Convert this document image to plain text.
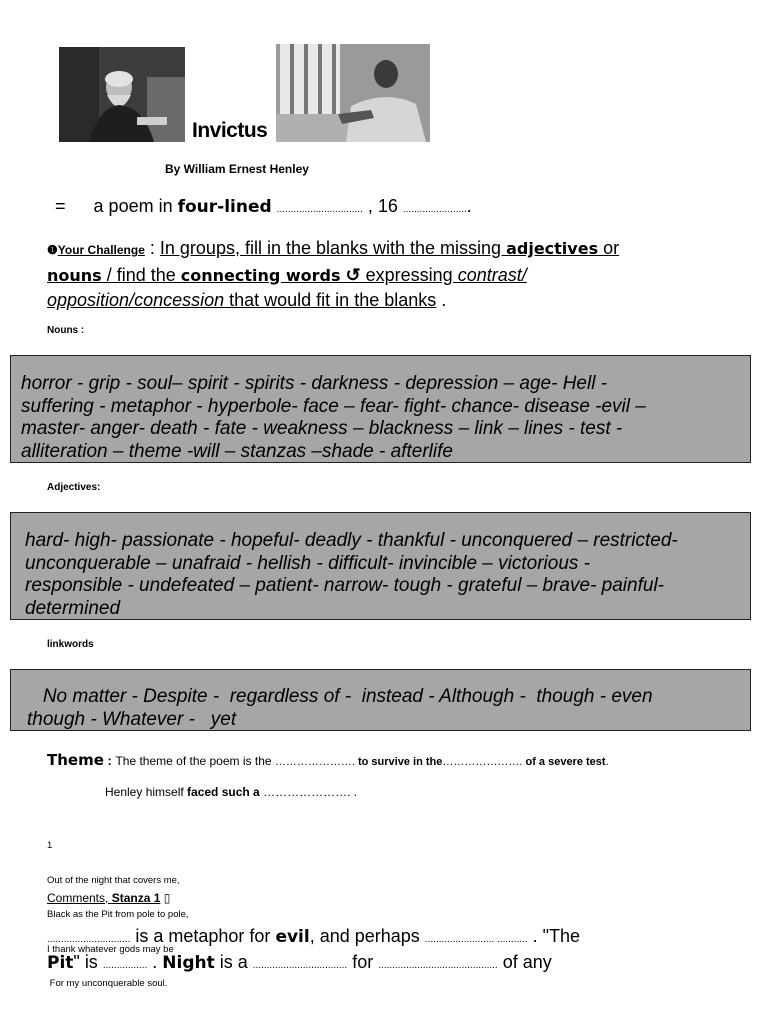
Invictus
By William Ernest Henley
= a poem in four-lined ............................... , 16 ........................
❶Your Challenge : In groups, fill in the blanks with the missing adjectives or
nouns / find the connecting words ↺ expressing contrast/
opposition/concession that would fit in the blanks .
Nouns :
horror - grip - soul– spirit - spirits - darkness - depression – age- Hell -
suffering - metaphor - hyperbole- face – fear- fight- chance- disease -evil –
master- anger- death - fate - weakness – blackness – link – lines - test -
alliteration – theme -will – stanzas –shade - afterlife
Adjectives:
hard- high- passionate - hopeful- deadly - thankful - unconquered – restricted-
unconquerable – unafraid - hellish - difficult- invincible – victorious -
responsible - undefeated – patient- narrow- tough - grateful – brave- painful-
determined
linkwords
No matter - Despite -  regardless of -  instead - Although -  though - even
though - Whatever -   yet
Theme : The theme of the poem is the …………………. to survive in the…………………. of a severe test.
Henley himself faced such a …………………. .

1

Out of the night that covers me,

Black as the Pit from pole to pole,

I thank whatever gods may be

For my unconquerable soul.

Comments, Stanza 1 ▯
.............................. is a metaphor for evil, and perhaps ......................... ........... . "The
Pit" is ................ . Night is a .................................. for ........................................... of any
